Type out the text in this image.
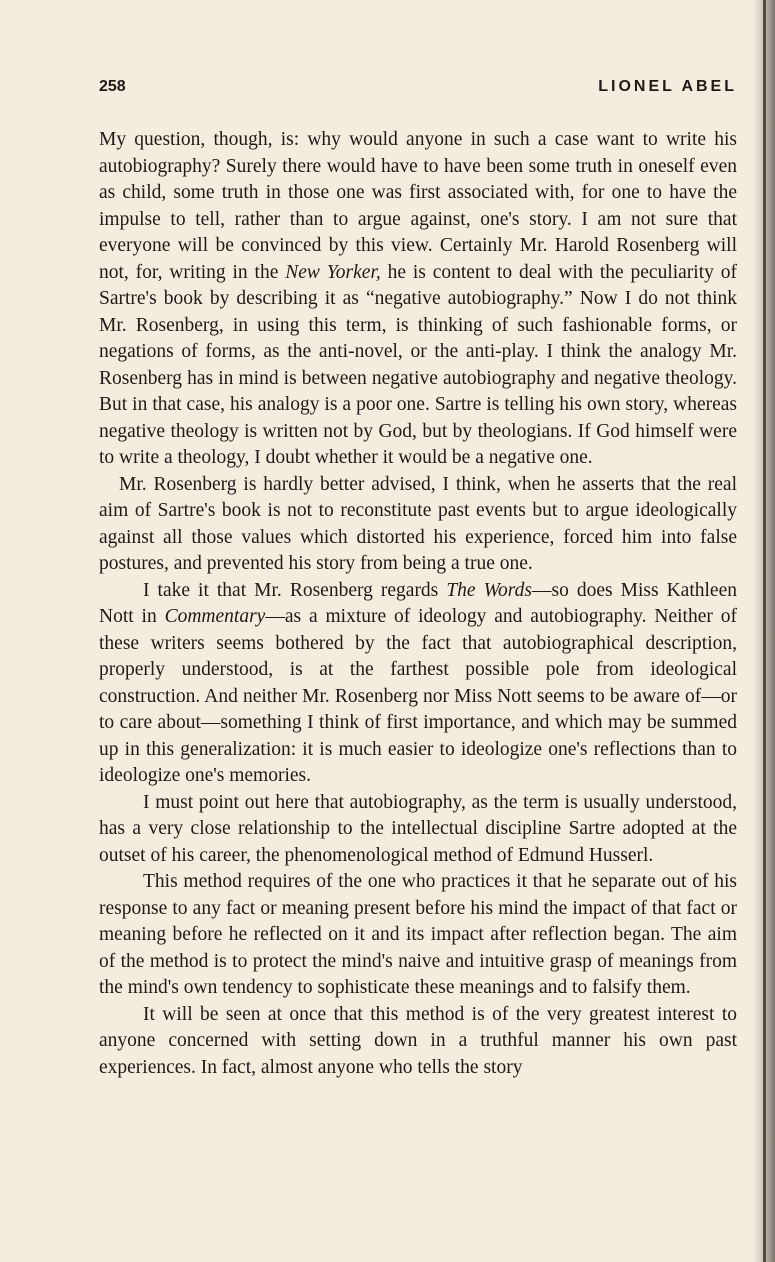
258	LIONEL ABEL

My question, though, is: why would anyone in such a case want to write his autobiography? Surely there would have to have been some truth in oneself even as child, some truth in those one was first associated with, for one to have the impulse to tell, rather than to argue against, one's story. I am not sure that everyone will be convinced by this view. Certainly Mr. Harold Rosenberg will not, for, writing in the New Yorker, he is content to deal with the peculiarity of Sartre's book by describing it as “negative autobiography.” Now I do not think Mr. Rosenberg, in using this term, is thinking of such fashionable forms, or negations of forms, as the anti-novel, or the anti-play. I think the analogy Mr. Rosenberg has in mind is between negative autobiography and negative theology. But in that case, his analogy is a poor one. Sartre is telling his own story, whereas negative theology is written not by God, but by theologians. If God himself were to write a theology, I doubt whether it would be a negative one.

Mr. Rosenberg is hardly better advised, I think, when he asserts that the real aim of Sartre's book is not to reconstitute past events but to argue ideologically against all those values which distorted his experience, forced him into false postures, and prevented his story from being a true one.

I take it that Mr. Rosenberg regards The Words—so does Miss Kathleen Nott in Commentary—as a mixture of ideology and autobiography. Neither of these writers seems bothered by the fact that autobiographical description, properly understood, is at the farthest possible pole from ideological construction. And neither Mr. Rosenberg nor Miss Nott seems to be aware of—or to care about—something I think of first importance, and which may be summed up in this generalization: it is much easier to ideologize one's reflections than to ideologize one's memories.

I must point out here that autobiography, as the term is usually understood, has a very close relationship to the intellectual discipline Sartre adopted at the outset of his career, the phenomenological method of Edmund Husserl.

This method requires of the one who practices it that he separate out of his response to any fact or meaning present before his mind the impact of that fact or meaning before he reflected on it and its impact after reflection began. The aim of the method is to protect the mind's naive and intuitive grasp of meanings from the mind's own tendency to sophisticate these meanings and to falsify them.

It will be seen at once that this method is of the very greatest interest to anyone concerned with setting down in a truthful manner his own past experiences. In fact, almost anyone who tells the story
